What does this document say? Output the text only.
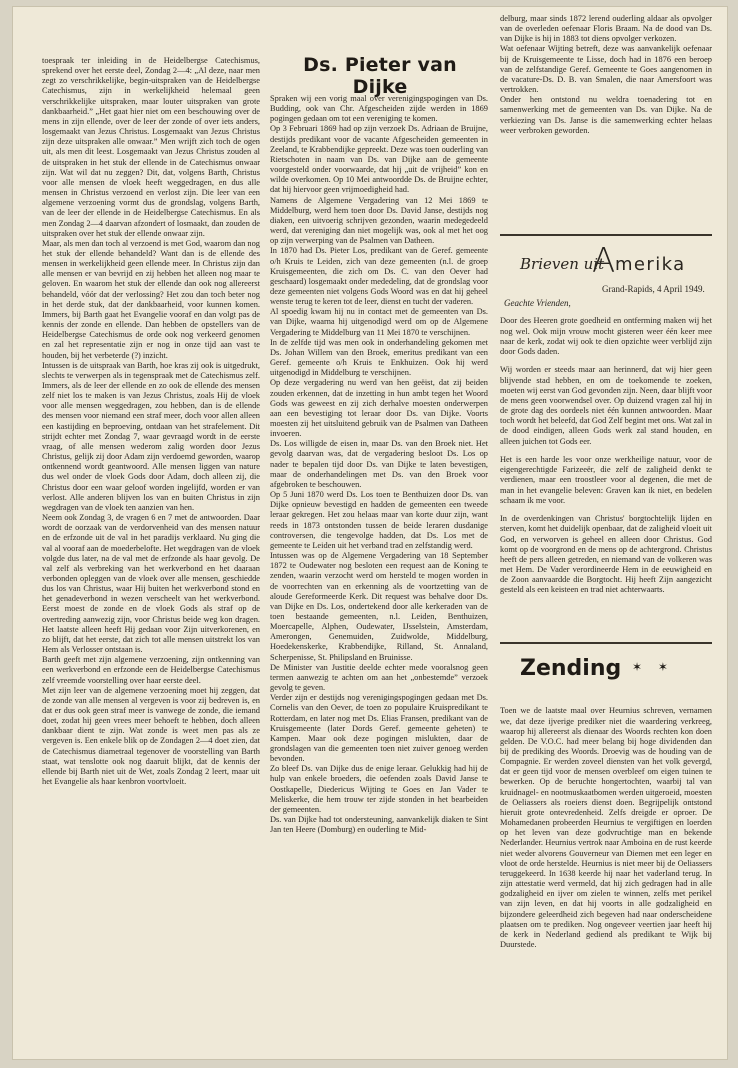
toespraak ter inleiding in de Heidelbergse Catechismus, sprekend over het eerste deel, Zondag 2—4: „Al deze, naar men zegt zo verschrikkelijke, begin-uitspraken van de Heidelbergse Catechismus, zijn in werkelijkheid helemaal geen verschrikkelijke uitspraken, maar louter uitspraken van grote dankbaarheid.” „Het gaat hier niet om een beschouwing over de mens in zijn ellende, over de leer der zonde of over iets anders, losgemaakt van Jezus Christus. Losgemaakt van Jezus Christus zijn deze uitspraken alle onwaar.” Men wrijft zich toch de ogen uit, als men dit leest. Losgemaakt van Jezus Christus zouden al de uitspraken in het stuk der ellende in de Catechismus onwaar zijn. Wat wil dat nu zeggen? Dit, dat, volgens Barth, Christus voor alle mensen de vloek heeft weggedragen, en dus alle mensen in Christus verzoend en verlost zijn. Die leer van een algemene verzoening vormt dus de grondslag, volgens Barth, van de leer der ellende in de Heidelbergse Catechismus. En als men Zondag 2—4 daarvan afzondert of losmaakt, dan zouden de uitspraken over het stuk der ellende onwaar zijn.

Maar, als men dan toch al verzoend is met God, waarom dan nog het stuk der ellende behandeld? Want dan is de ellende des mensen in werkelijkheid geen ellende meer. In Christus zijn dan alle mensen er van bevrijd en zij hebben het alleen nog maar te geloven. En waarom het stuk der ellende dan ook nog allereerst behandeld, vóór dat der verlossing? Het zou dan toch beter nog in het derde stuk, dat der dankbaarheid, voor kunnen komen. Immers, bij Barth gaat het Evangelie vooraf en dan volgt pas de kennis der zonde en ellende. Dan hebben de opstellers van de Heidelbergse Catechismus de orde ook nog verkeerd genomen en zal het representatie zijn er nog in onze tijd aan vast te houden, bij het verbeterde (?) inzicht.

Intussen is de uitspraak van Barth, hoe kras zij ook is uitgedrukt, slechts te verwerpen als in tegenspraak met de Catechismus zelf. Immers, als de leer der ellende en zo ook de ellende des mensen zelf niet los te maken is van Jezus Christus, zoals Hij de vloek voor alle mensen weggedragen, zou hebben, dan is de ellende des mensen voor niemand een straf meer, doch voor allen alleen een kastijding en beproeving, ontdaan van het strafelement. Dit strijdt echter met Zondag 7, waar gevraagd wordt in de eerste vraag, of alle mensen wederom zalig worden door Jezus Christus, gelijk zij door Adam zijn verdoemd geworden, waarop ontkennend wordt geantwoord. Alle mensen liggen van nature dus wel onder de vloek Gods door Adam, doch alleen zij, die Christus door een waar geloof worden ingelijfd, worden er van verlost. Alle anderen blijven los van en buiten Christus in zijn wegdragen van de vloek ten aanzien van hen.

Neem ook Zondag 3, de vragen 6 en 7 met de antwoorden. Daar wordt de oorzaak van de verdorvenheid van des mensen natuur en de erfzonde uit de val in het paradijs verklaard. Nu ging die val al vooraf aan de moederbelofte. Het wegdragen van de vloek volgde dus later, na de val met de erfzonde als haar gevolg. De val zelf als verbreking van het werkverbond en het daaraan verbonden opleggen van de vloek over alle mensen, geschiedde dus los van Christus, waar Hij buiten het werkverbond stond en het genadeverbond in wezen verscheelt van het werkverbond. Eerst moest de zonde en de vloek Gods als straf op de overtreding aanwezig zijn, voor Christus beide weg kon dragen. Het laatste alleen heeft Hij gedaan voor Zijn uitverkorenen, en zo blijft, dat het eerste, dat zich tot alle mensen uitstrekt los van Hem als Verlosser ontstaan is.

Barth geeft met zijn algemene verzoening, zijn ontkenning van een werkverbond en erfzonde een de Heidelbergse Catechismus zelf vreemde voorstelling over haar eerste deel.

Met zijn leer van de algemene verzoening moet hij zeggen, dat de zonde van alle mensen al vergeven is voor zij bedreven is, en dat er dus ook geen straf meer is vanwege de zonde, die iemand doet, zodat hij geen vrees meer behoeft te hebben, doch alleen dankbaar dient te zijn. Wat zonde is weet men pas als ze vergeven is. Een enkele blik op de Zondagen 2—4 doet zien, dat de Catechismus diametraal tegenover de voorstelling van Barth staat, wat tenslotte ook nog daaruit blijkt, dat de kennis der ellende bij Barth niet uit de Wet, zoals Zondag 2 leert, maar uit het Evangelie als haar kenbron voortvloeit.

Ds. Pieter van Dijke

Spraken wij een vorig maal over verenigingspogingen van Ds. Budding, ook van Chr. Afgescheiden zijde werden in 1869 pogingen gedaan om tot een vereniging te komen.

Op 3 Februari 1869 had op zijn verzoek Ds. Adriaan de Bruijne, destijds predikant voor de vacante Afgescheiden gemeenten in Zeeland, te Krabbendijke gepreekt. Deze was toen ouderling van Rietschoten in naam van Ds. van Dijke aan de gemeente voorgesteld onder voorwaarde, dat hij „uit de vrijheid” kon en wilde overkomen. Op 10 Mei antwoordde Ds. de Bruijne echter, dat hij hiervoor geen vrijmoedigheid had.

Namens de Algemene Vergadering van 12 Mei 1869 te Middelburg, werd hem toen door Ds. David Janse, destijds nog diaken, een uitvoerig schrijven gezonden, waarin medegedeeld werd, dat vereniging dan niet mogelijk was, ook al met het oog op zijn verwerping van de Psalmen van Datheen.

In 1870 had Ds. Pieter Los, predikant van de Geref. gemeente o/h Kruis te Leiden, zich van deze gemeenten (n.l. de groep Kruisgemeenten, die zich om Ds. C. van den Oever had geschaard) losgemaakt onder mededeling, dat de grondslag voor deze gemeenten niet volgens Gods Woord was en dat hij geheel wenste terug te keren tot de leer, dienst en tucht der vaderen.

Al spoedig kwam hij nu in contact met de gemeenten van Ds. van Dijke, waarna hij uitgenodigd werd om op de Algemene Vergadering te Middelburg van 11 Mei 1870 te verschijnen.

In de zelfde tijd was men ook in onderhandeling gekomen met Ds. Johan Willem van den Broek, emeritus predikant van een Geref. gemeente o/h Kruis te Enkhuizen. Ook hij werd uitgenodigd in Middelburg te verschijnen.

Op deze vergadering nu werd van hen geëist, dat zij beiden zouden erkennen, dat de inzetting in hun ambt tegen het Woord Gods was geweest en zij zich derhalve moesten onderwerpen aan een bevestiging tot leraar door Ds. van Dijke. Voorts moesten zij het uitsluitend gebruik van de Psalmen van Datheen invoeren.

Ds. Los willigde de eisen in, maar Ds. van den Broek niet. Het gevolg daarvan was, dat de vergadering besloot Ds. Los op nader te bepalen tijd door Ds. van Dijke te laten bevestigen, maar de onderhandelingen met Ds. van den Broek voor afgebroken te beschouwen.

Op 5 Juni 1870 werd Ds. Los toen te Benthuizen door Ds. van Dijke opnieuw bevestigd en hadden de gemeenten een tweede leraar gekregen. Het zou helaas maar van korte duur zijn, want reeds in 1873 ontstonden tussen de beide leraren dusdanige controversen, die tengevolge hadden, dat Ds. Los met de gemeente te Leiden uit het verband trad en zelfstandig werd.

Intussen was op de Algemene Vergadering van 18 September 1872 te Oudewater nog besloten een request aan de Koning te zenden, waarin verzocht werd om hersteld te mogen worden in de voorrechten van en erkenning als de voortzetting van de aloude Gereformeerde Kerk. Dit request was behalve door Ds. van Dijke en Ds. Los, ondertekend door alle kerkeraden van de toen bestaande gemeenten, n.l. Leiden, Benthuizen, Moercapelle, Alphen, Oudewater, IJsselstein, Amsterdam, Amerongen, Genemuiden, Zuidwolde, Middelburg, Hoedekenskerke, Krabbendijke, Rilland, St. Annaland, Scherpenisse, St. Philipsland en Bruinisse.

De Minister van Justitie deelde echter mede vooralsnog geen termen aanwezig te achten om aan het „onbestemde” verzoek gevolg te geven.

Verder zijn er destijds nog verenigingspogingen gedaan met Ds. Cornelis van den Oever, de toen zo populaire Kruispredikant te Rotterdam, en later nog met Ds. Elias Fransen, predikant van de Kruisgemeente (later Dords Geref. gemeente geheten) te Kampen. Maar ook deze pogingen mislukten, daar de grondslagen van die gemeenten toen niet zuiver genoeg werden bevonden.

Zo bleef Ds. van Dijke dus de enige leraar. Gelukkig had hij de hulp van enkele broeders, die oefenden zoals David Janse te Oostkapelle, Diedericus Wijting te Goes en Jan Vader te Meliskerke, die hem trouw ter zijde stonden in het bearbeiden der gemeenten.

Ds. van Dijke had tot ondersteuning, aanvankelijk diaken te Sint Jan ten Heere (Domburg) en ouderling te Mid-

delburg, maar sinds 1872 lerend ouderling aldaar als opvolger van de overleden oefenaar Floris Braam. Na de dood van Ds. van Dijke is hij in 1883 tot diens opvolger verkozen.

Wat oefenaar Wijting betreft, deze was aanvankelijk oefenaar bij de Kruisgemeente te Lisse, doch had in 1876 een beroep van de zelfstandige Geref. Gemeente te Goes aangenomen in de vacature-Ds. D. B. van Smalen, die naar Amersfoort was vertrokken.

Onder hen ontstond nu weldra toenadering tot en samenwerking met de gemeenten van Ds. van Dijke. Na de verkiezing van Ds. Janse is die samenwerking echter helaas weer verbroken geworden.

Brieven uit
A merika
Grand-Rapids, 4 April 1949.
Geachte Vrienden,

Door des Heeren grote goedheid en ontferming maken wij het nog wel. Ook mijn vrouw mocht gisteren weer één keer mee naar de kerk, zodat wij ook te dien opzichte weer verblijd zijn door Gods daden.

Wij worden er steeds maar aan herinnerd, dat wij hier geen blijvende stad hebben, en om de toekomende te zoeken, moeten wij eerst van God gevonden zijn. Neen, daar blijft voor de mens geen voorwendsel over. Op duizend vragen zal hij in de grote dag des oordeels niet één kunnen antwoorden. Maar toch wordt het beleefd, dat God Zelf begint met ons. Wat zal in de dood eindigen, alleen Gods werk zal stand houden, en alleen juichen tot Gods eer.

Het is een harde les voor onze werkheilige natuur, voor de eigengerechtigde Farizeeër, die zelf de zaligheid denkt te verdienen, maar een troostleer voor al degenen, die met de man in het evangelie beleven: Graven kan ik niet, en bedelen schaam ik me voor.

In de overdenkingen van Christus' borgtochtelijk lijden en sterven, komt het duidelijk openbaar, dat de zaligheid vloeit uit God, en verworven is geheel en alleen door Christus. God komt op de voorgrond en de mens op de achtergrond. Christus heeft de pers alleen getreden, en niemand van de volkeren was met Hem. De Vader verordineerde Hem in de eeuwigheid en de Zoon aanvaardde die Borgtocht. Hij heeft Zijn aangezicht gesteld als een keisteen en trad niet achterwaarts.

Zending ✶ ✶

Toen we de laatste maal over Heurnius schreven, vernamen we, dat deze ijverige prediker niet die waardering verkreeg, waarop hij allereerst als dienaar des Woords rechten kon doen gelden. De V.O.C. had meer belang bij hoge dividenden dan bij de prediking des Woords. Droevig was de houding van de Compagnie. Er werden zoveel diensten van het volk gevergd, dat er geen tijd voor de mensen overbleef om eigen tuinen te bewerken. Op de beruchte hongertochten, waarbij tal van kruidnagel- en nootmuskaatbomen werden uitgeroeid, moesten de Oeliassers als roeiers dienst doen. Begrijpelijk ontstond hieruit grote ontevredenheid. Zelfs dreigde er oproer. De Mohamedanen probeerden Heurnius te vergiftigen en loerden op het leven van deze godvruchtige man en bekende Nederlander. Heurnius vertrok naar Amboina en de rust keerde niet weder alvorens Gouverneur van Diemen met een leger en vloot de orde herstelde. Heurnius is niet meer bij de Oeliassers teruggekeerd. In 1638 keerde hij naar het vaderland terug. In zijn attestatie werd vermeld, dat hij zich gedragen had in alle godzaligheid en ijver om zielen te winnen, zelfs met perikel van zijn leven, en dat hij voorts in alle godzaligheid en bijzondere geleerdheid zich begeven had naar onderscheidene plaatsen om te prediken. Nog ongeveer veertien jaar heeft hij de kerk in Nederland gediend als predikant te Wijk bij Duurstede.
